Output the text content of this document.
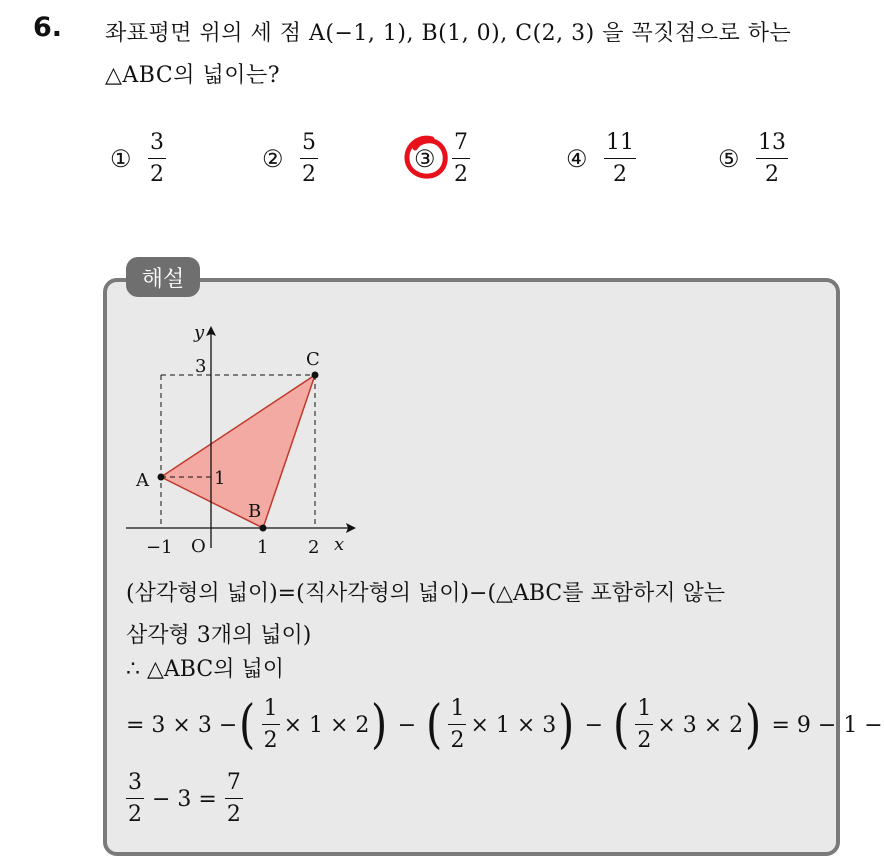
6. 좌표평면 위의 세 점 A(−1, 1), B(1, 0), C(2, 3) 을 꼭짓점으로 하는
△ABC의 넓이는?
① $\frac{3}{2}$	② $\frac{5}{2}$	③ $\frac{7}{2}$	④ $\frac{11}{2}$	⑤ $\frac{13}{2}$
해설
y
x
O
3
1
−1	1 2
A
B
C
(삼각형의 넓이)=(직사각형의 넓이)−(△ABC를 포함하지 않는
삼각형 3개의 넓이)
∴ △ABC의 넓이
= 3 × 3 − ( $\frac{1}{2} \times 1 \times 2$ ) − ( $\frac{1}{2} \times 1 \times 3$ ) − ( $\frac{1}{2} \times 3 \times 2$ ) = 9 − 1 −
$\frac{3}{2} - 3 = \frac{7}{2}$
